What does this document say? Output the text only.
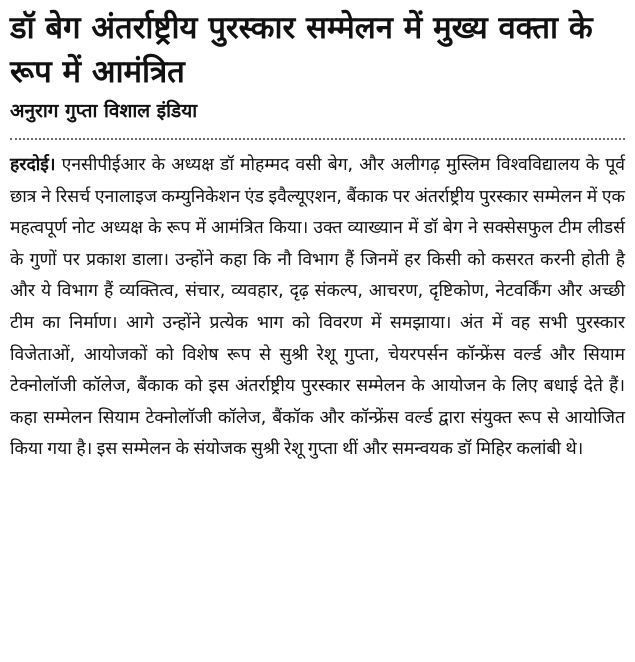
डॉ बेग अंतर्राष्ट्रीय पुरस्कार सम्मेलन में मुख्य वक्ता के रूप में आमंत्रित
अनुराग गुप्ता विशाल इंडिया

हरदोई। एनसीपीईआर के अध्यक्ष डॉ मोहम्मद वसी बेग, और अलीगढ़ मुस्लिम विश्वविद्यालय के पूर्व छात्र ने रिसर्च एनालाइज कम्युनिकेशन एंड इवैल्यूएशन, बैंकाक पर अंतर्राष्ट्रीय पुरस्कार सम्मेलन में एक महत्वपूर्ण नोट अध्यक्ष के रूप में आमंत्रित किया। उक्त व्याख्यान में डॉ बेग ने सक्सेसफुल टीम लीडर्स के गुणों पर प्रकाश डाला। उन्होंने कहा कि नौ विभाग हैं जिनमें हर किसी को कसरत करनी होती है और ये विभाग हैं व्यक्तित्व, संचार, व्यवहार, दृढ़ संकल्प, आचरण, दृष्टिकोण, नेटवर्किंग और अच्छी टीम का निर्माण। आगे उन्होंने प्रत्येक भाग को विवरण में समझाया। अंत में वह सभी पुरस्कार विजेताओं, आयोजकों को विशेष रूप से सुश्री रेशू गुप्ता, चेयरपर्सन कॉन्फ्रेंस वर्ल्ड और सियाम टेक्नोलॉजी कॉलेज, बैंकाक को इस अंतर्राष्ट्रीय पुरस्कार सम्मेलन के आयोजन के लिए बधाई देते हैं। कहा सम्मेलन सियाम टेक्नोलॉजी कॉलेज, बैंकॉक और कॉन्फ्रेंस वर्ल्ड द्वारा संयुक्त रूप से आयोजित किया गया है। इस सम्मेलन के संयोजक सुश्री रेशू गुप्ता थीं और समन्वयक डॉ मिहिर कलांबी थे।
